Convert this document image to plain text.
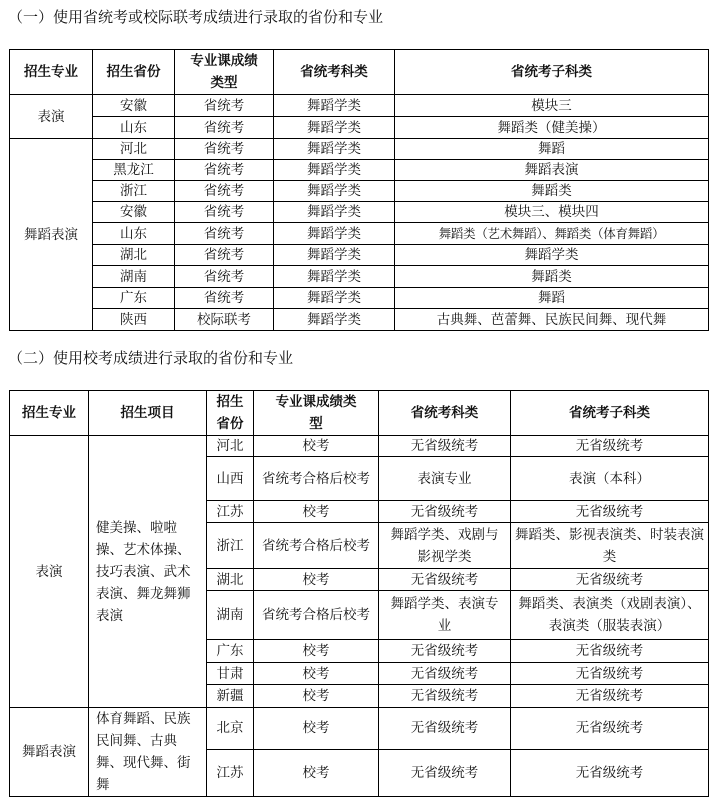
（一）使用省统考或校际联考成绩进行录取的省份和专业
招生专业	招生省份	专业课成绩类型	省统考科类	省统考子科类
表演	安徽	省统考	舞蹈学类	模块三
	山东	省统考	舞蹈学类	舞蹈类（健美操）
舞蹈表演	河北	省统考	舞蹈学类	舞蹈
	黑龙江	省统考	舞蹈学类	舞蹈表演
	浙江	省统考	舞蹈学类	舞蹈类
	安徽	省统考	舞蹈学类	模块三、模块四
	山东	省统考	舞蹈学类	舞蹈类（艺术舞蹈）、舞蹈类（体育舞蹈）
	湖北	省统考	舞蹈学类	舞蹈学类
	湖南	省统考	舞蹈学类	舞蹈类
	广东	省统考	舞蹈学类	舞蹈
	陕西	校际联考	舞蹈学类	古典舞、芭蕾舞、民族民间舞、现代舞
（二）使用校考成绩进行录取的省份和专业
招生专业	招生项目	招生省份	专业课成绩类型	省统考科类	省统考子科类
表演	健美操、啦啦操、艺术体操、技巧表演、武术表演、舞龙舞狮表演	河北	校考	无省级统考	无省级统考
		山西	省统考合格后校考	表演专业	表演（本科）
		江苏	校考	无省级统考	无省级统考
		浙江	省统考合格后校考	舞蹈学类、戏剧与影视学类	舞蹈类、影视表演类、时装表演类
		湖北	校考	无省级统考	无省级统考
		湖南	省统考合格后校考	舞蹈学类、表演专业	舞蹈类、表演类（戏剧表演）、表演类（服装表演）
		广东	校考	无省级统考	无省级统考
		甘肃	校考	无省级统考	无省级统考
		新疆	校考	无省级统考	无省级统考
舞蹈表演	体育舞蹈、民族民间舞、古典舞、现代舞、街舞	北京	校考	无省级统考	无省级统考
		江苏	校考	无省级统考	无省级统考
